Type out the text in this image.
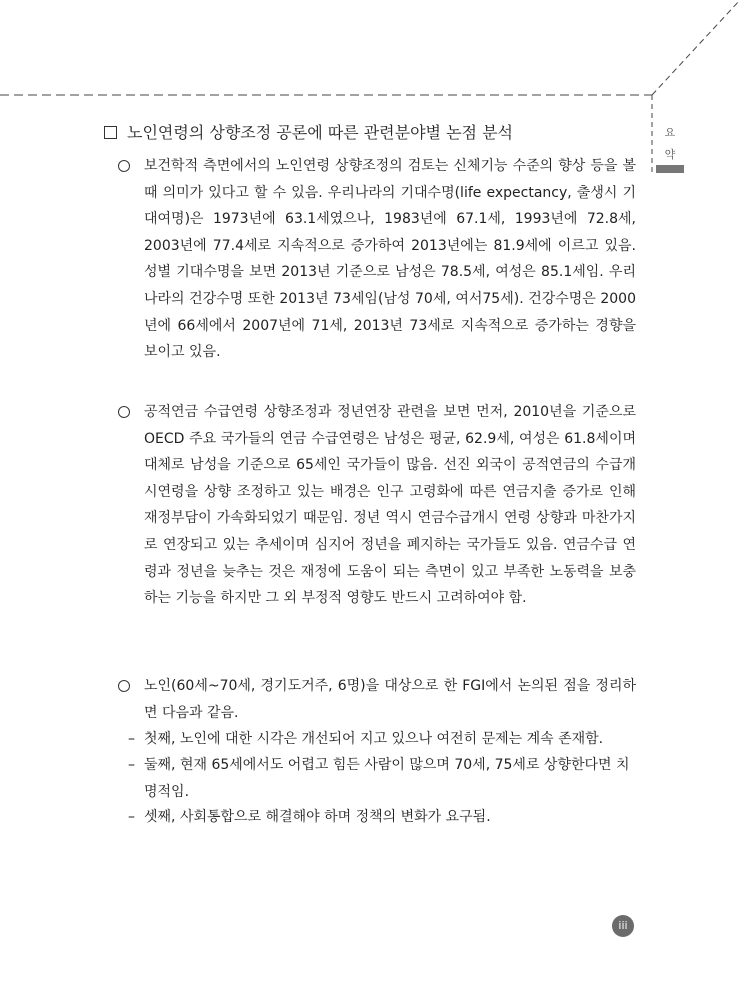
요
약
노인연령의 상향조정 공론에 따른 관련분야별 논점 분석
보건학적 측면에서의 노인연령 상향조정의 검토는 신체기능 수준의 향상 등을 볼 때 의미가 있다고 할 수 있음. 우리나라의 기대수명(life expectancy, 출생시 기대여명)은 1973년에 63.1세였으나, 1983년에 67.1세, 1993년에 72.8세, 2003년에 77.4세로 지속적으로 증가하여 2013년에는 81.9세에 이르고 있음. 성별 기대수명을 보면 2013년 기준으로 남성은 78.5세, 여성은 85.1세임. 우리나라의 건강수명 또한 2013년 73세임(남성 70세, 여서75세). 건강수명은 2000년에 66세에서 2007년에 71세, 2013년 73세로 지속적으로 증가하는 경향을 보이고 있음.
공적연금 수급연령 상향조정과 정년연장 관련을 보면 먼저, 2010년을 기준으로 OECD 주요 국가들의 연금 수급연령은 남성은 평균, 62.9세, 여성은 61.8세이며 대체로 남성을 기준으로 65세인 국가들이 많음. 선진 외국이 공적연금의 수급개시연령을 상향 조정하고 있는 배경은 인구 고령화에 따른 연금지출 증가로 인해 재정부담이 가속화되었기 때문임. 정년 역시 연금수급개시 연령 상향과 마찬가지로 연장되고 있는 추세이며 심지어 정년을 폐지하는 국가들도 있음. 연금수급 연령과 정년을 늦추는 것은 재정에 도움이 되는 측면이 있고 부족한 노동력을 보충하는 기능을 하지만 그 외 부정적 영향도 반드시 고려하여야 함.
노인(60세~70세, 경기도거주, 6명)을 대상으로 한 FGI에서 논의된 점을 정리하면 다음과 같음.
– 첫째, 노인에 대한 시각은 개선되어 지고 있으나 여전히 문제는 계속 존재함.
– 둘째, 현재 65세에서도 어렵고 힘든 사람이 많으며 70세, 75세로 상향한다면 치명적임.
– 셋째, 사회통합으로 해결해야 하며 정책의 변화가 요구됨.
iii
